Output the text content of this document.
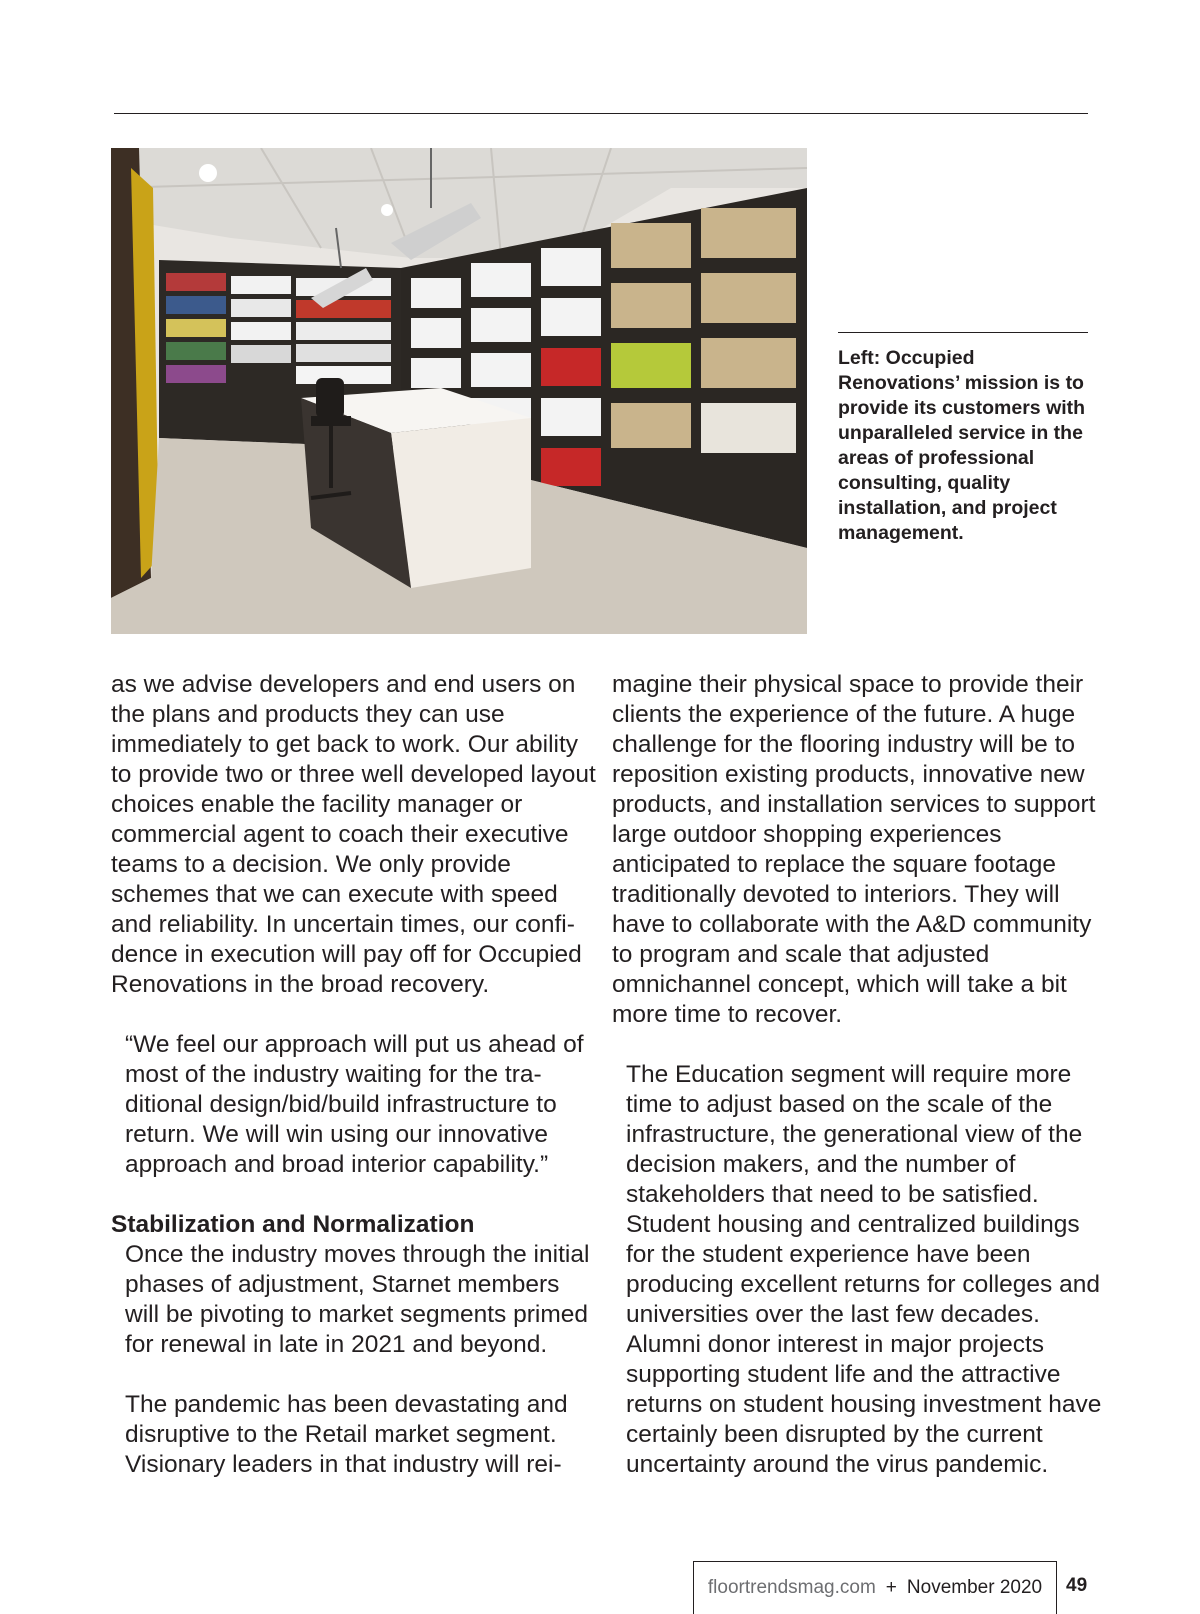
Left: Occupied Renovations’ mission is to provide its customers with unparalleled service in the areas of professional consulting, quality installation, and project management.

as we advise developers and end users on the plans and products they can use immediately to get back to work. Our ability to provide two or three well developed layout choices enable the facility manager or commercial agent to coach their executive teams to a decision. We only provide schemes that we can execute with speed and reliability. In uncertain times, our confidence in execution will pay off for Occupied Renovations in the broad recovery.

“We feel our approach will put us ahead of most of the industry waiting for the traditional design/bid/build infrastructure to return. We will win using our innovative approach and broad interior capability.”

Stabilization and Normalization

Once the industry moves through the initial phases of adjustment, Starnet members will be pivoting to market segments primed for renewal in late in 2021 and beyond.

The pandemic has been devastating and disruptive to the Retail market segment. Visionary leaders in that industry will rei-

magine their physical space to provide their clients the experience of the future. A huge challenge for the flooring industry will be to reposition existing products, innovative new products, and installation services to support large outdoor shopping experiences anticipated to replace the square footage traditionally devoted to interiors. They will have to collaborate with the A&D community to program and scale that adjusted omnichannel concept, which will take a bit more time to recover.

The Education segment will require more time to adjust based on the scale of the infrastructure, the generational view of the decision makers, and the number of stakeholders that need to be satisfied. Student housing and centralized buildings for the student experience have been producing excellent returns for colleges and universities over the last few decades. Alumni donor interest in major projects supporting student life and the attractive returns on student housing investment have certainly been disrupted by the current uncertainty around the virus pandemic.

floortrendsmag.com + November 2020 49
